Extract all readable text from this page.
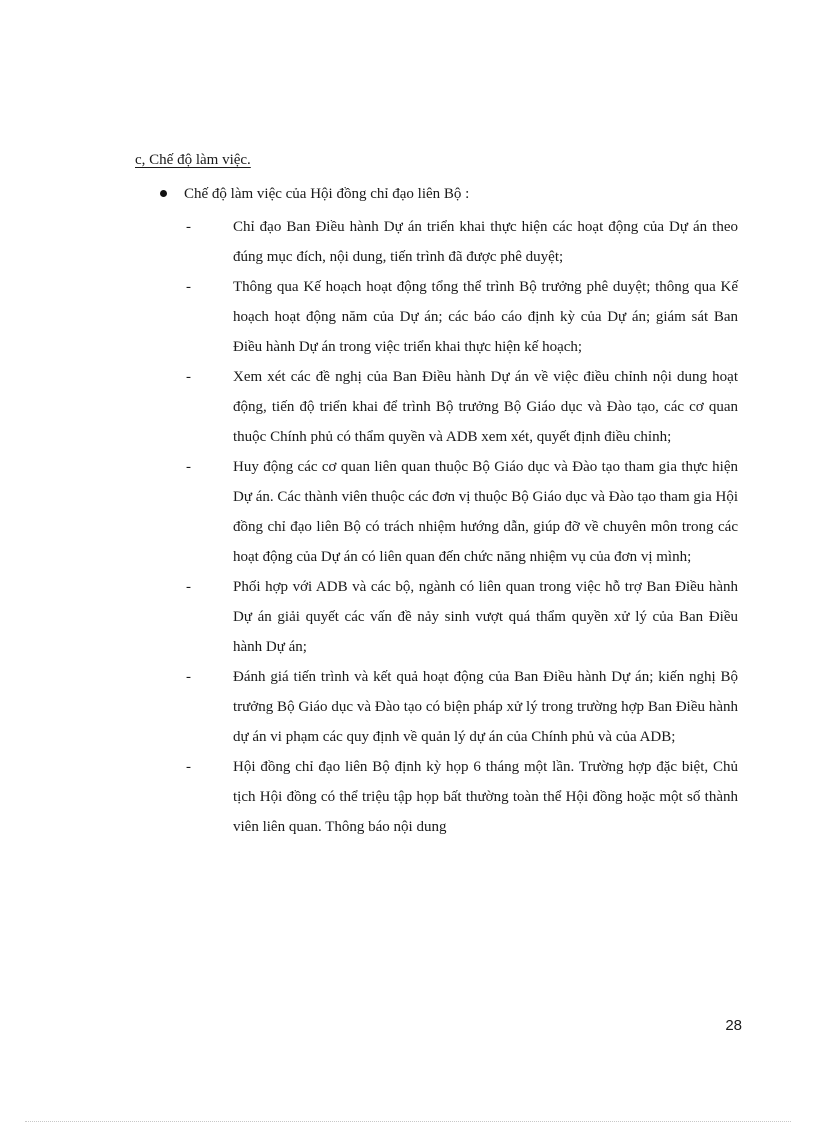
c, Chế độ làm việc.
Chế độ làm việc của Hội đồng chỉ đạo liên Bộ :
-	Chỉ đạo Ban Điều hành Dự án triển khai thực hiện các hoạt động của Dự án theo đúng mục đích, nội dung, tiến trình đã được phê duyệt;
-	Thông qua Kế hoạch hoạt động tổng thể trình Bộ trưởng phê duyệt; thông qua Kế hoạch hoạt động năm của Dự án; các báo cáo định kỳ của Dự án; giám sát Ban Điều hành Dự án trong việc triển khai thực hiện kế hoạch;
-	Xem xét các đề nghị của Ban Điều hành Dự án về việc điều chỉnh nội dung hoạt động, tiến độ triển khai để trình Bộ trưởng Bộ Giáo dục và Đào tạo, các cơ quan thuộc Chính phủ có thẩm quyền và ADB xem xét, quyết định điều chỉnh;
-	Huy động các cơ quan liên quan thuộc Bộ Giáo dục và Đào tạo tham gia thực hiện Dự án. Các thành viên thuộc các đơn vị thuộc Bộ Giáo dục và Đào tạo tham gia Hội đồng chỉ đạo liên Bộ có trách nhiệm hướng dẫn, giúp đỡ về chuyên môn trong các hoạt động của Dự án có liên quan đến chức năng nhiệm vụ của đơn vị mình;
-	Phối hợp với ADB và các bộ, ngành có liên quan trong việc hỗ trợ Ban Điều hành Dự án giải quyết các vấn đề nảy sinh vượt quá thẩm quyền xử lý của Ban Điều hành Dự án;
-	Đánh giá tiến trình và kết quả hoạt động của Ban Điều hành Dự án; kiến nghị Bộ trưởng Bộ Giáo dục và Đào tạo có biện pháp xử lý trong trường hợp Ban Điều hành dự án vi phạm các quy định về quản lý dự án của Chính phủ và của ADB;
-	Hội đồng chỉ đạo liên Bộ định kỳ họp 6 tháng một lần. Trường hợp đặc biệt, Chủ tịch Hội đồng có thể triệu tập họp bất thường toàn thể Hội đồng hoặc một số thành viên liên quan. Thông báo nội dung
28
